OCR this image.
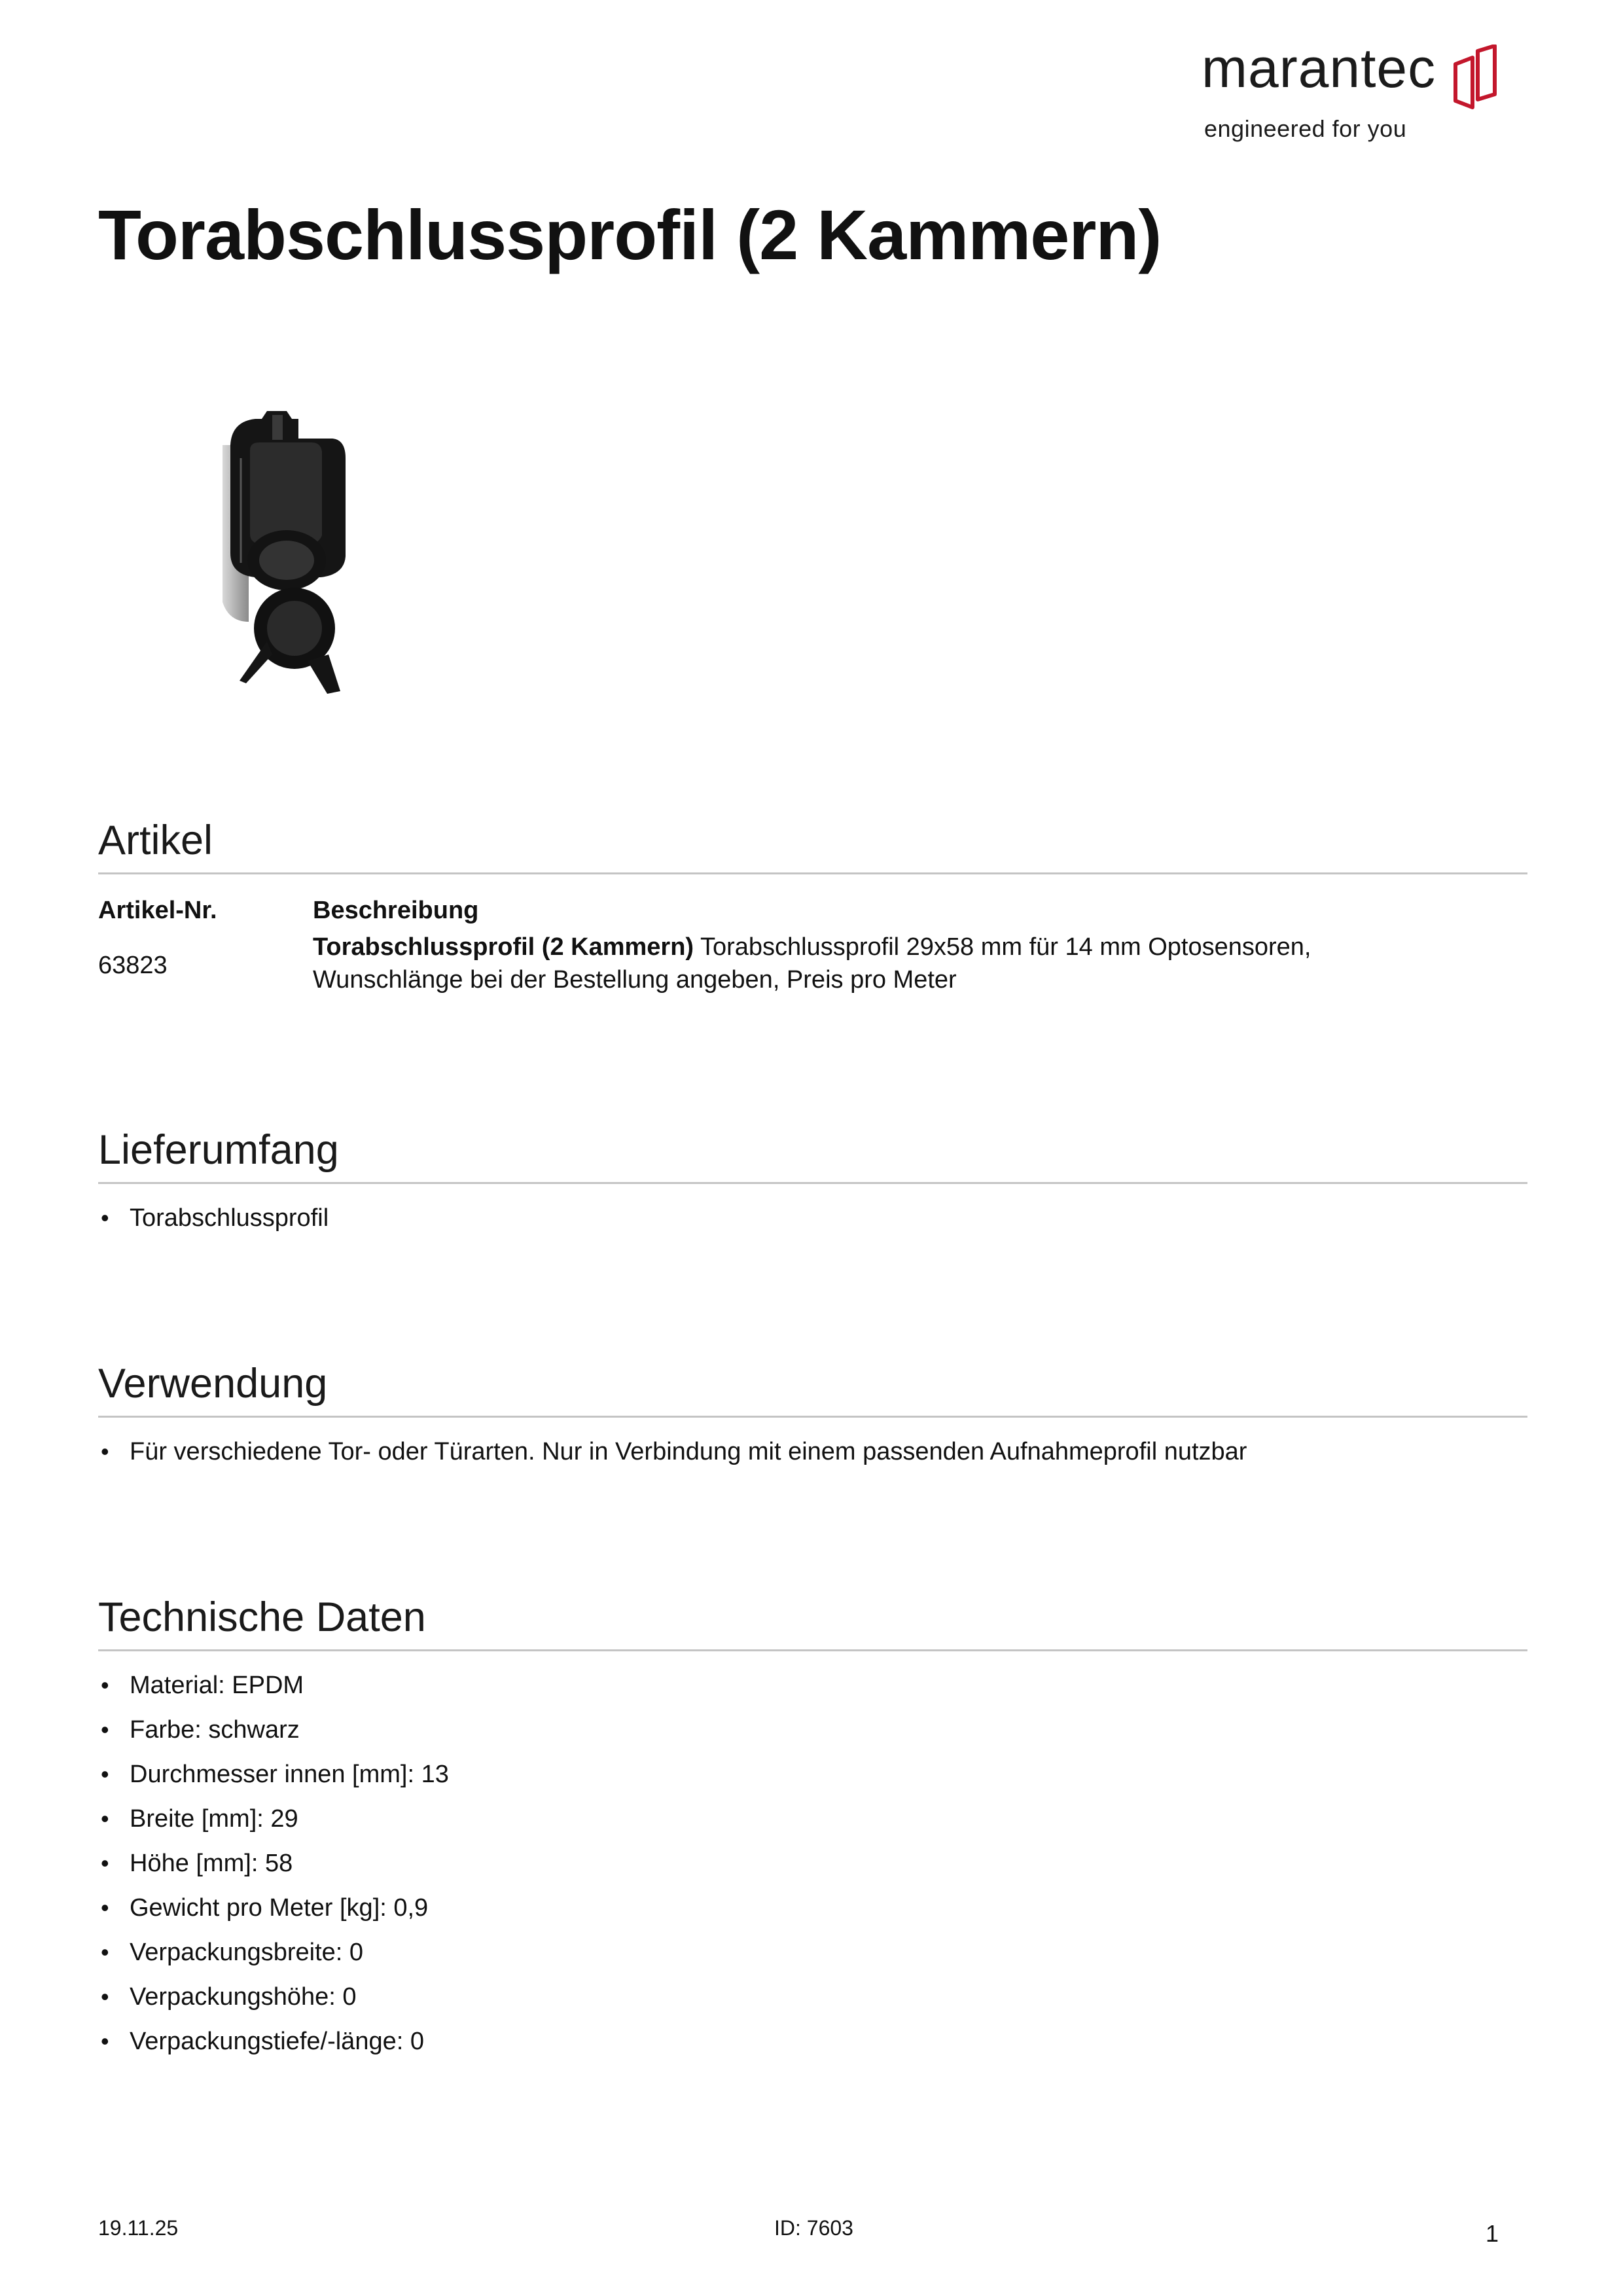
marantec
engineered for you
Torabschlussprofil (2 Kammern)
Artikel
Artikel-Nr.	Beschreibung
63823
Torabschlussprofil (2 Kammern) Torabschlussprofil 29x58 mm für 14 mm Optosensoren,
Wunschlänge bei der Bestellung angeben, Preis pro Meter
Lieferumfang
• Torabschlussprofil
Verwendung
• Für verschiedene Tor- oder Türarten. Nur in Verbindung mit einem passenden Aufnahmeprofil nutzbar
Technische Daten
• Material: EPDM
• Farbe: schwarz
• Durchmesser innen [mm]: 13
• Breite [mm]: 29
• Höhe [mm]: 58
• Gewicht pro Meter [kg]: 0,9
• Verpackungsbreite: 0
• Verpackungshöhe: 0
• Verpackungstiefe/-länge: 0
19.11.25	ID: 7603	1
